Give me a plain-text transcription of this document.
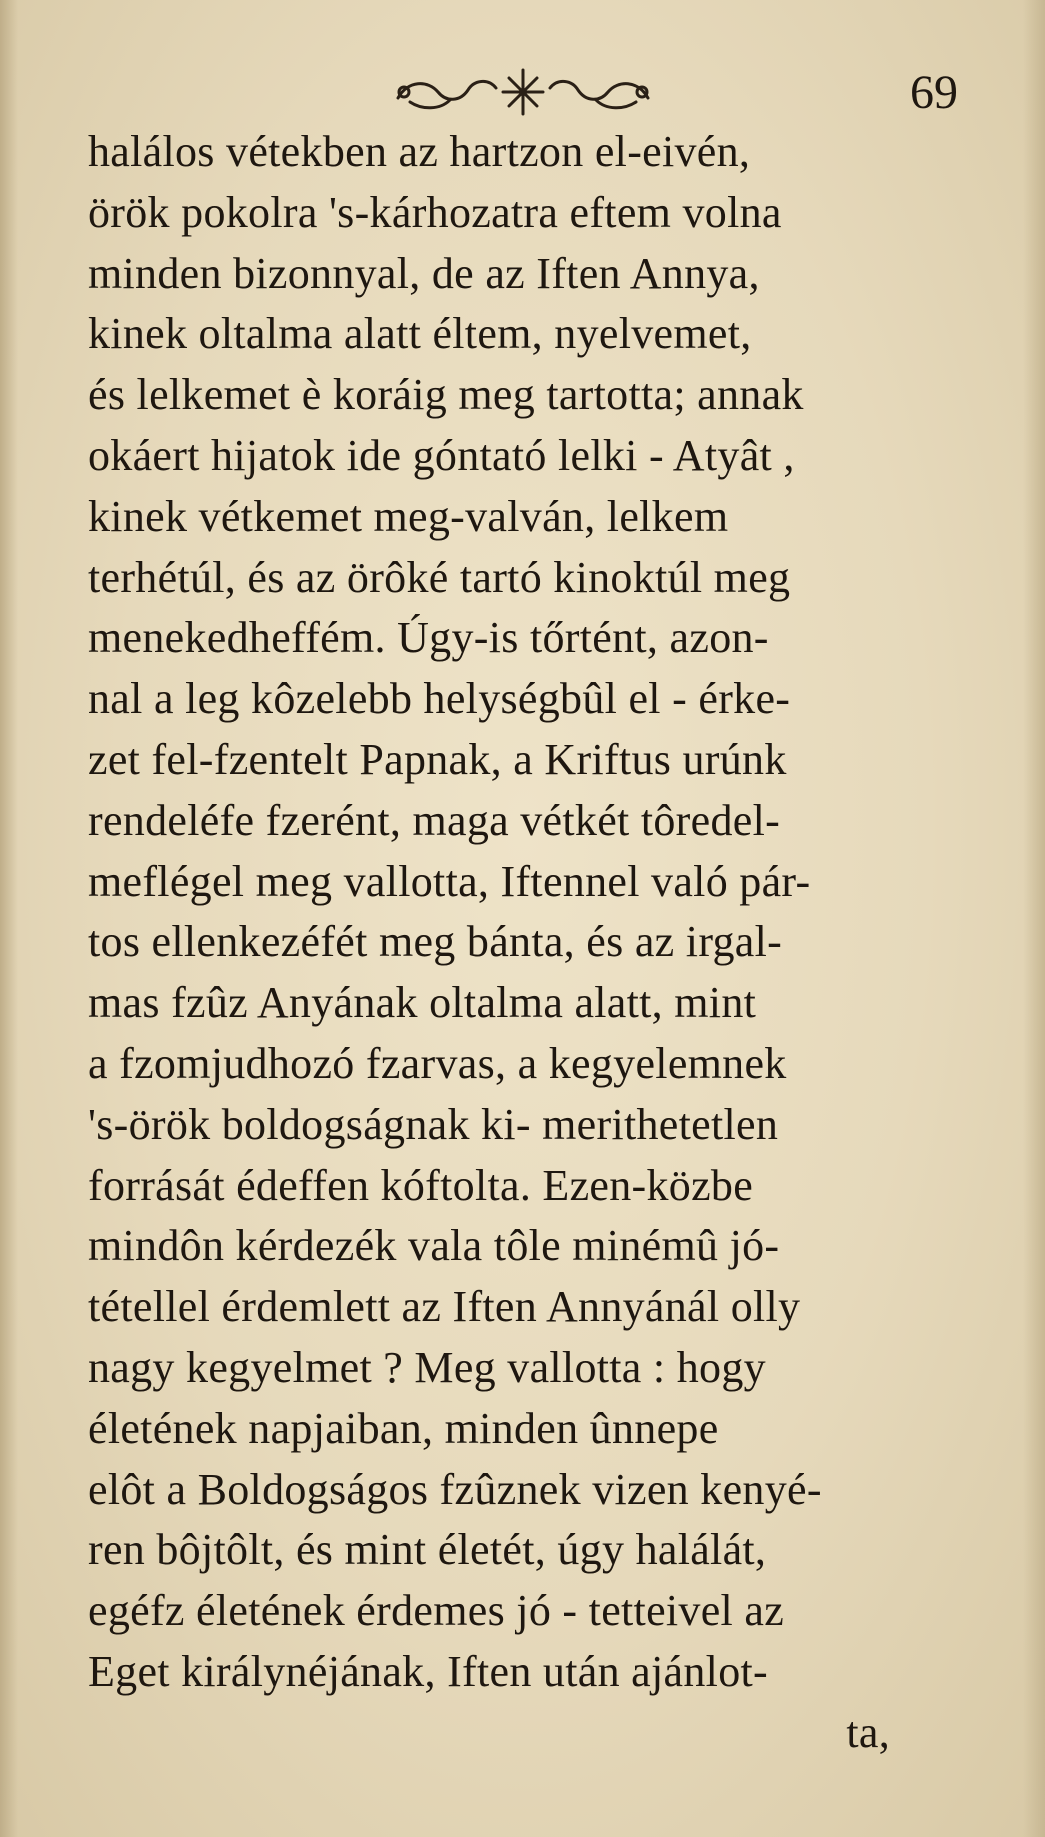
69
halálos vétekben az hartzon el-eivén,
örök pokolra 's-kárhozatra eftem volna
minden bizonnyal, de az Iften Annya,
kinek oltalma alatt éltem, nyelvemet,
és lelkemet è koráig meg tartotta; annak
okáert hijatok ide góntató lelki - Atyât ,
kinek vétkemet meg-valván, lelkem
terhétúl, és az örôké tartó kinoktúl meg
menekedheffém. Úgy-is tőrtént, azon-
nal a leg kôzelebb helységbûl el - érke-
zet fel-fzentelt Papnak, a Kriftus urúnk
rendeléfe fzerént, maga vétkét tôredel-
meflégel meg vallotta, Iftennel való pár-
tos ellenkezéfét meg bánta, és az irgal-
mas fzûz Anyának oltalma alatt, mint
a fzomjudhozó fzarvas, a kegyelemnek
's-örök boldogságnak ki- merithetetlen
forrását édeffen kóftolta. Ezen-közbe
mindôn kérdezék vala tôle minémû jó-
tétellel érdemlett az Iften Annyánál olly
nagy kegyelmet ? Meg vallotta : hogy
életének napjaiban, minden ûnnepe
elôt a Boldogságos fzûznek vizen kenyé-
ren bôjtôlt, és mint életét, úgy halálát,
egéfz életének érdemes jó - tetteivel az
Eget királynéjának, Iften után ajánlot-
ta,
